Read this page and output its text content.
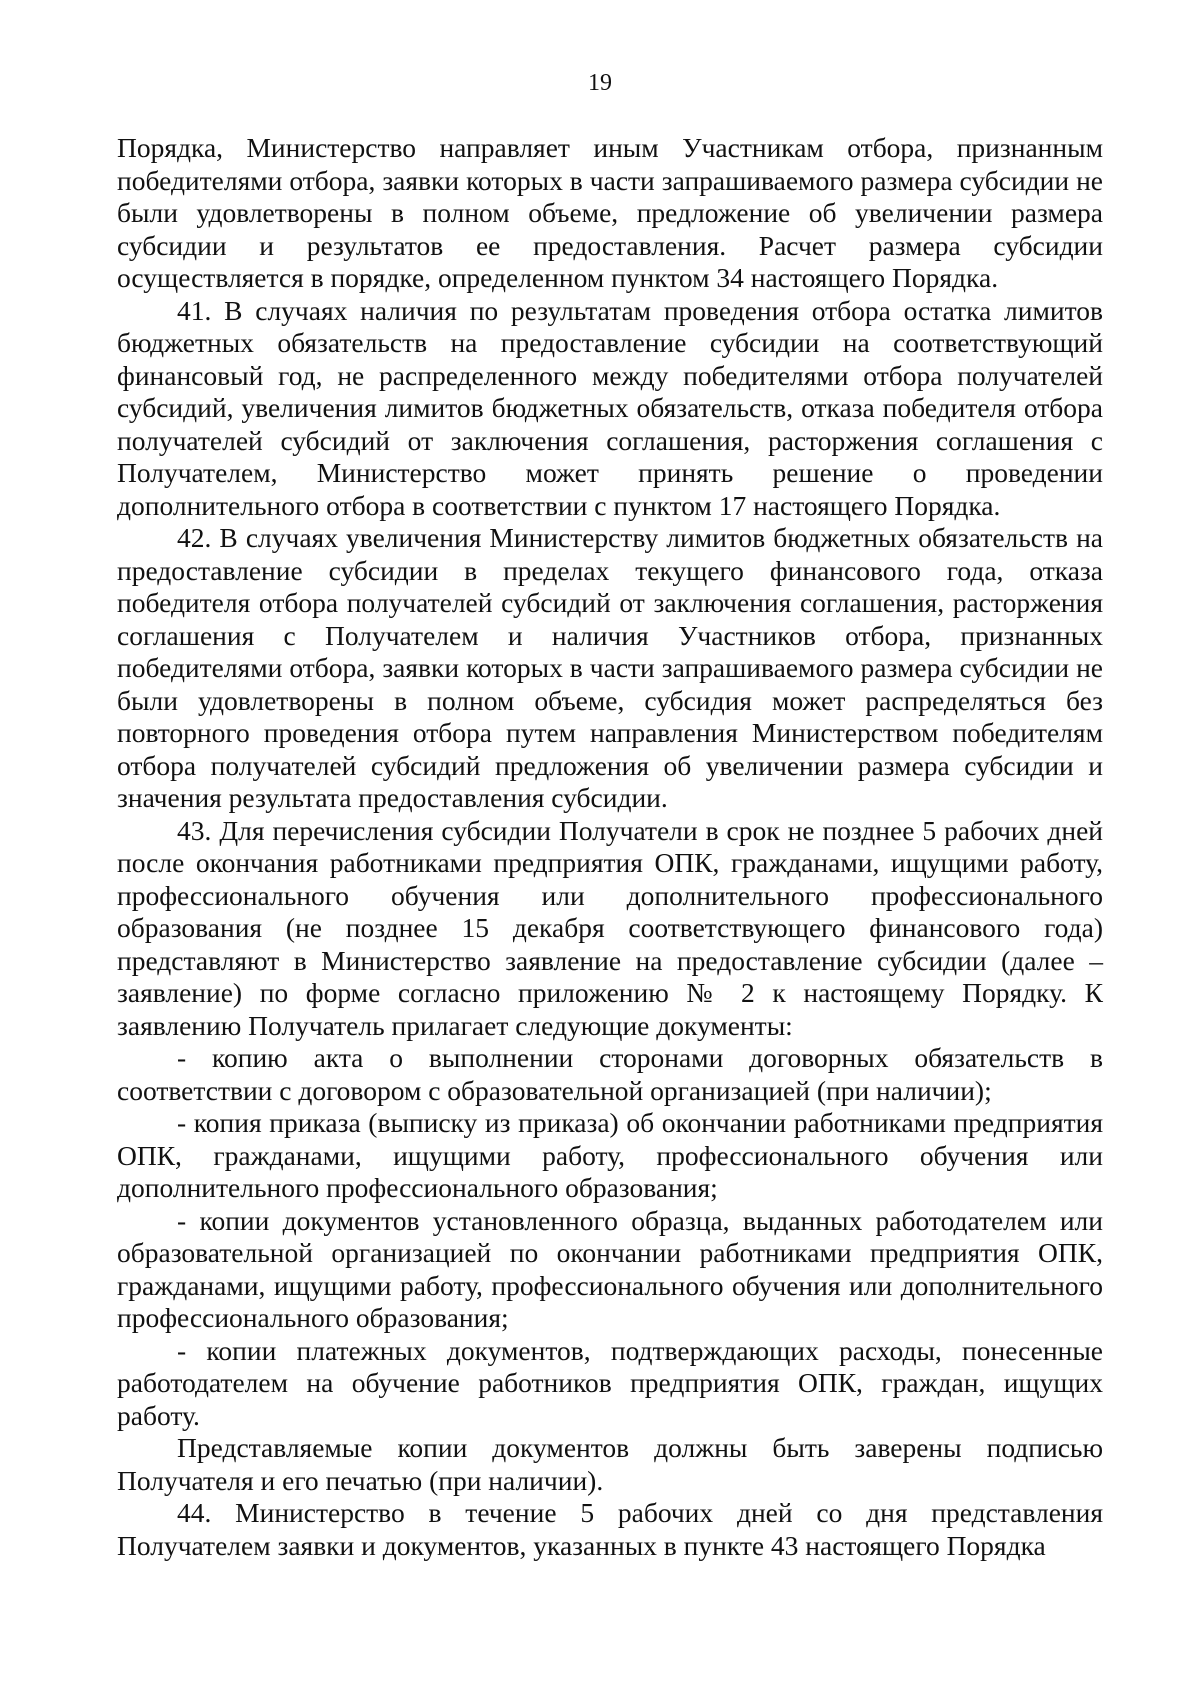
19

Порядка, Министерство направляет иным Участникам отбора, признанным победителями отбора, заявки которых в части запрашиваемого размера субсидии не были удовлетворены в полном объеме, предложение об увеличении размера субсидии и результатов ее предоставления. Расчет размера субсидии осуществляется в порядке, определенном пунктом 34 настоящего Порядка.

41. В случаях наличия по результатам проведения отбора остатка лимитов бюджетных обязательств на предоставление субсидии на соответствующий финансовый год, не распределенного между победителями отбора получателей субсидий, увеличения лимитов бюджетных обязательств, отказа победителя отбора получателей субсидий от заключения соглашения, расторжения соглашения с Получателем, Министерство может принять решение о проведении дополнительного отбора в соответствии с пунктом 17 настоящего Порядка.

42. В случаях увеличения Министерству лимитов бюджетных обязательств на предоставление субсидии в пределах текущего финансового года, отказа победителя отбора получателей субсидий от заключения соглашения, расторжения соглашения с Получателем и наличия Участников отбора, признанных победителями отбора, заявки которых в части запрашиваемого размера субсидии не были удовлетворены в полном объеме, субсидия может распределяться без повторного проведения отбора путем направления Министерством победителям отбора получателей субсидий предложения об увеличении размера субсидии и значения результата предоставления субсидии.

43. Для перечисления субсидии Получатели в срок не позднее 5 рабочих дней после окончания работниками предприятия ОПК, гражданами, ищущими работу, профессионального обучения или дополнительного профессионального образования (не позднее 15 декабря соответствующего финансового года) представляют в Министерство заявление на предоставление субсидии (далее – заявление) по форме согласно приложению № 2 к настоящему Порядку. К заявлению Получатель прилагает следующие документы:

- копию акта о выполнении сторонами договорных обязательств в соответствии с договором с образовательной организацией (при наличии);

- копия приказа (выписку из приказа) об окончании работниками предприятия ОПК, гражданами, ищущими работу, профессионального обучения или дополнительного профессионального образования;

- копии документов установленного образца, выданных работодателем или образовательной организацией по окончании работниками предприятия ОПК, гражданами, ищущими работу, профессионального обучения или дополнительного профессионального образования;

- копии платежных документов, подтверждающих расходы, понесенные работодателем на обучение работников предприятия ОПК, граждан, ищущих работу.

Представляемые копии документов должны быть заверены подписью Получателя и его печатью (при наличии).

44. Министерство в течение 5 рабочих дней со дня представления Получателем заявки и документов, указанных в пункте 43 настоящего Порядка
